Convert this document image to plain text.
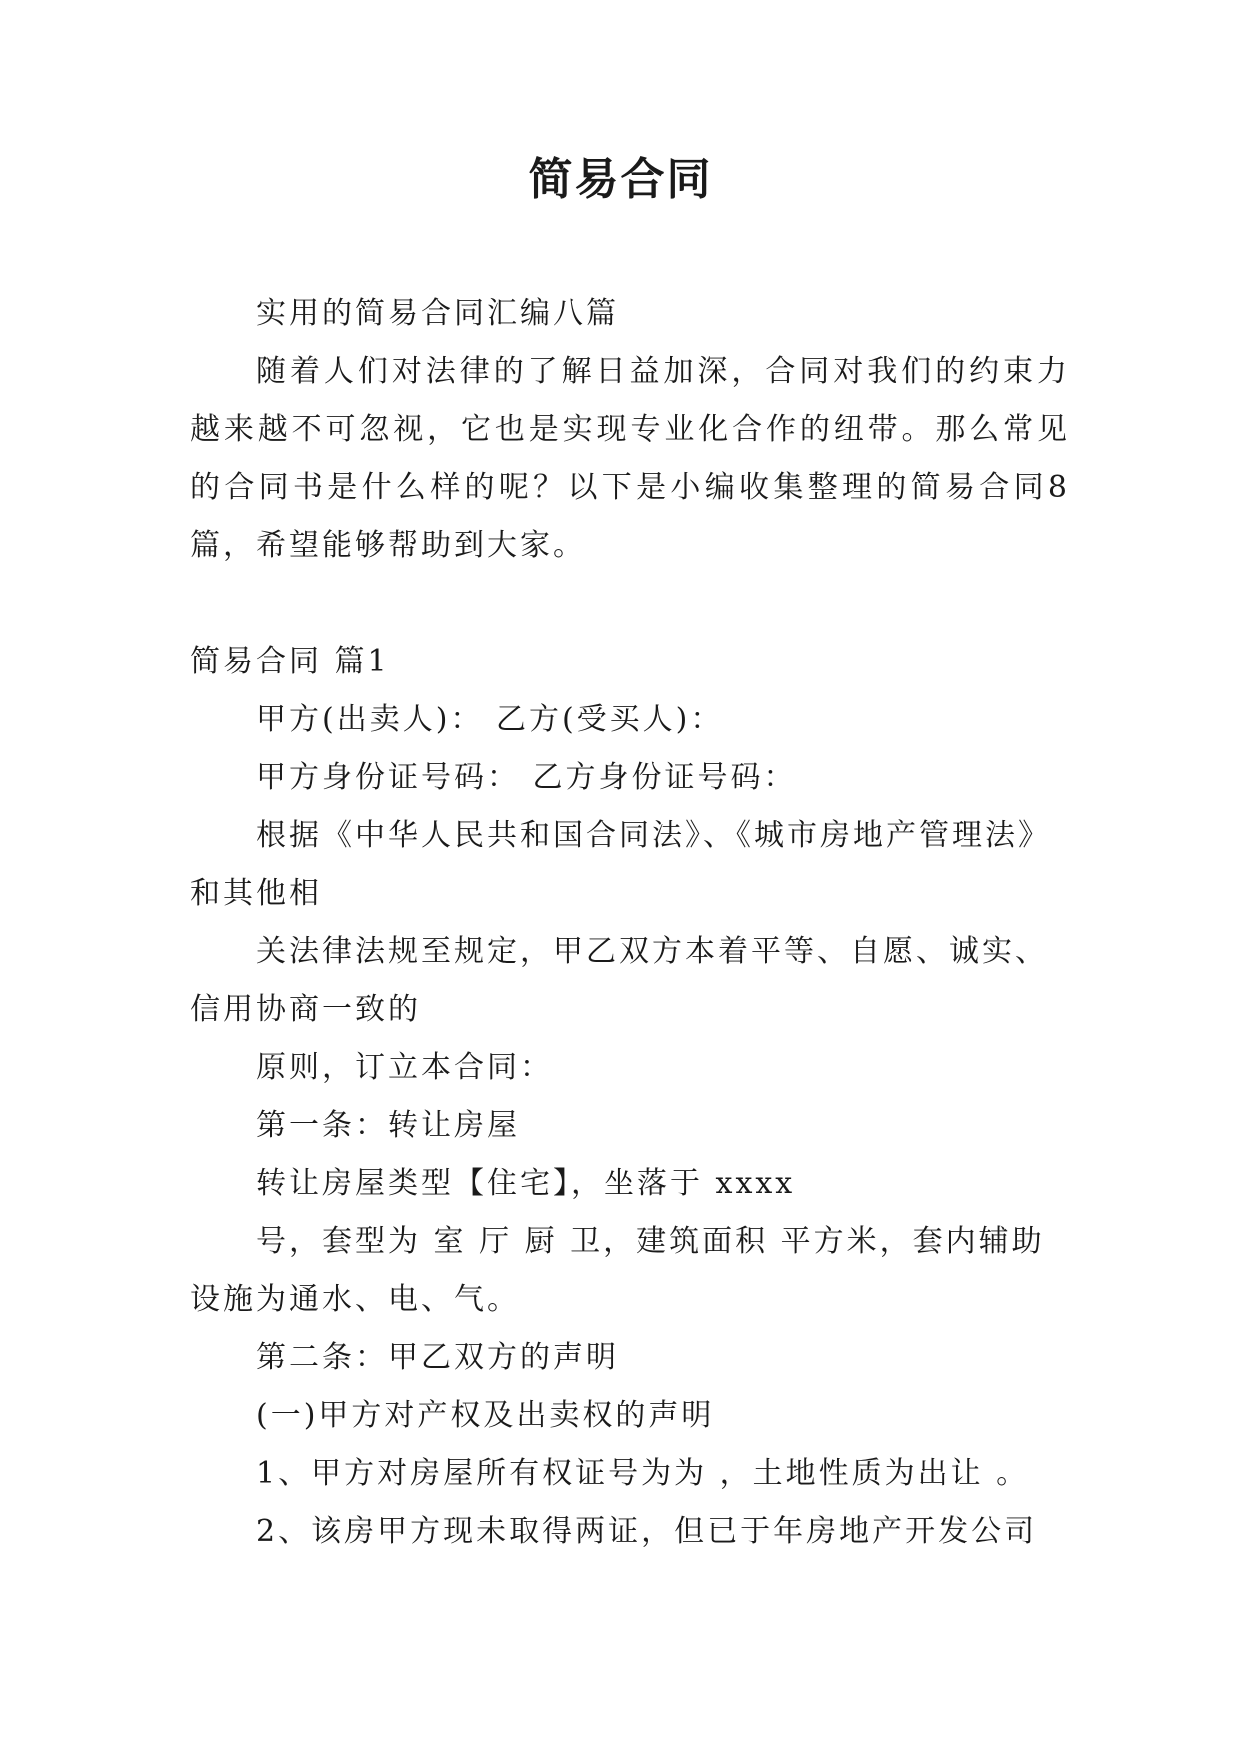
简易合同

实用的简易合同汇编八篇

随着人们对法律的了解日益加深，合同对我们的约束力越来越不可忽视，它也是实现专业化合作的纽带。那么常见的合同书是什么样的呢？以下是小编收集整理的简易合同8篇，希望能够帮助到大家。

简易合同 篇1

甲方(出卖人)： 乙方(受买人)：

甲方身份证号码： 乙方身份证号码：

根据《中华人民共和国合同法》、《城市房地产管理法》和其他相

关法律法规至规定，甲乙双方本着平等、自愿、诚实、信用协商一致的

原则，订立本合同：

第一条：转让房屋

转让房屋类型【住宅】，坐落于 xxxx

号，套型为 室 厅 厨 卫，建筑面积 平方米，套内辅助设施为通水、电、气。

第二条：甲乙双方的声明

(一)甲方对产权及出卖权的声明

1、甲方对房屋所有权证号为为 ，土地性质为出让 。

2、该房甲方现未取得两证，但已于年房地产开发公司
